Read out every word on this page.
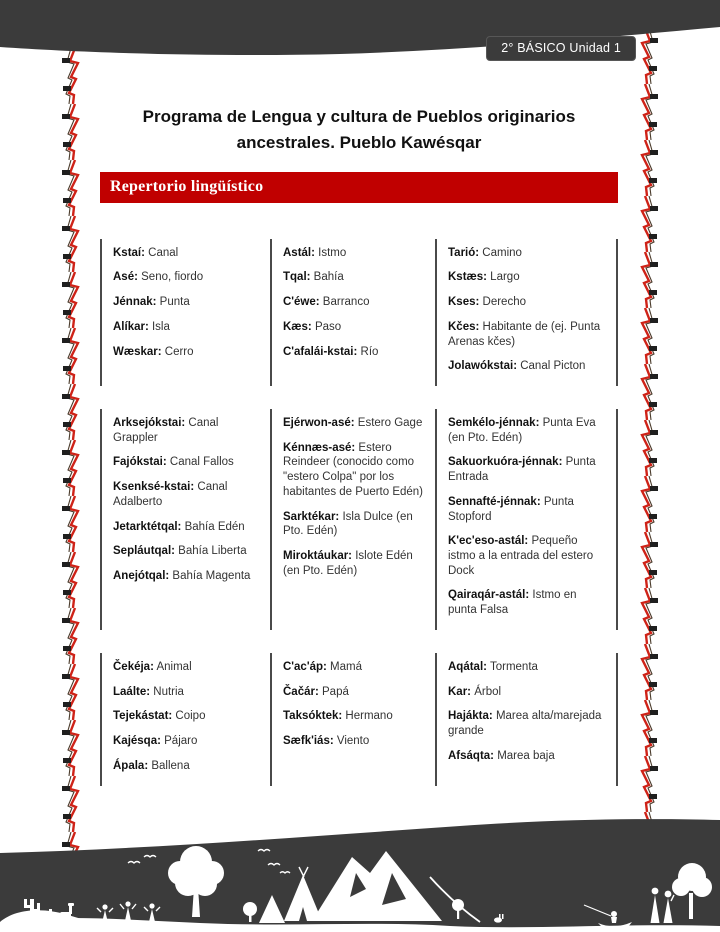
2° BÁSICO Unidad 1
Programa de Lengua y cultura de Pueblos originarios ancestrales. Pueblo Kawésqar
Repertorio lingüístico

Kstaí: Canal

Asé: Seno, fiordo

Jénnak: Punta

Alíkar: Isla

Wæskar: Cerro

Astál: Istmo

Tqal: Bahía

C'éwe: Barranco

Kæs: Paso

C'afalái-kstai: Río

Tarió: Camino

Kstæs: Largo

Kses: Derecho

Kčes: Habitante de (ej. Punta Arenas kčes)

Jolawókstai: Canal Picton

Arksejókstai: Canal Grappler

Fajókstai: Canal Fallos

Ksenksé-kstai: Canal Adalberto

Jetarktétqal: Bahía Edén

Sepláutqal: Bahía Liberta

Anejótqal: Bahía Magenta

Ejérwon-asé: Estero Gage

Kénnæs-asé: Estero Reindeer (conocido como "estero Colpa" por los habitantes de Puerto Edén)

Sarktékar: Isla Dulce (en Pto. Edén)

Miroktáukar: Islote Edén (en Pto. Edén)

Semkélo-jénnak: Punta Eva (en Pto. Edén)

Sakuorkuóra-jénnak: Punta Entrada

Sennafté-jénnak: Punta Stopford

K'ec'eso-astál: Pequeño istmo a la entrada del estero Dock

Qairaqár-astál: Istmo en punta Falsa

Čekéja: Animal

Laálte: Nutria

Tejekástat: Coipo

Kajésqa: Pájaro

Ápala: Ballena

C'ac'áp: Mamá

Čačár: Papá

Taksóktek: Hermano

Sæfk'iás: Viento

Aqátal: Tormenta

Kar: Árbol

Hajákta: Marea alta/marejada grande

Afsáqta: Marea baja
